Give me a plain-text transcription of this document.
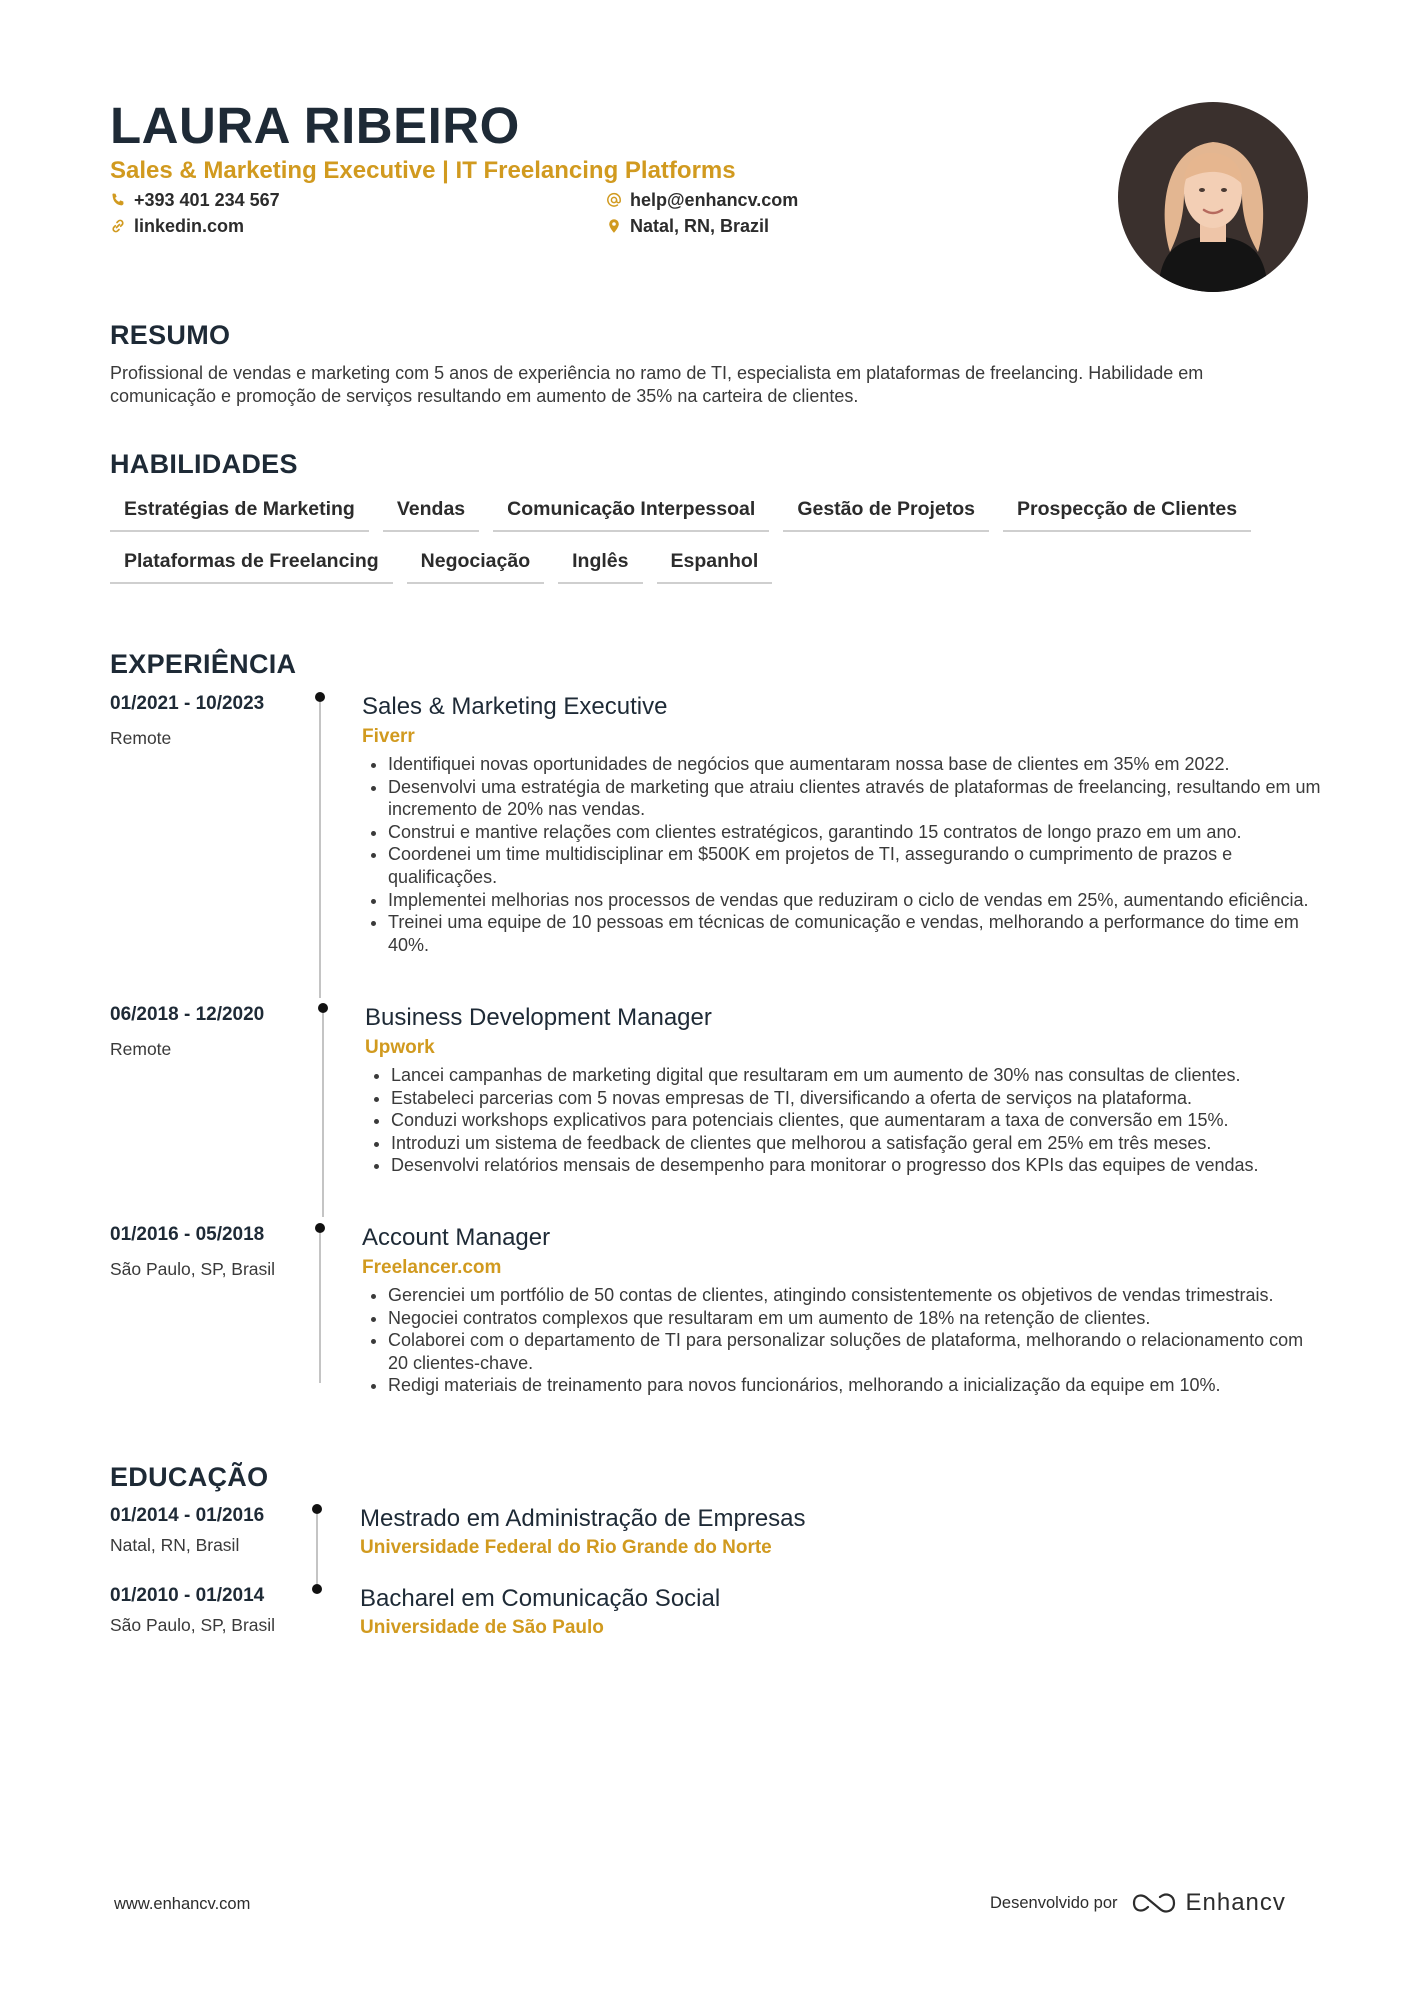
LAURA RIBEIRO
Sales & Marketing Executive | IT Freelancing Platforms
+393 401 234 567
linkedin.com
help@enhancv.com
Natal, RN, Brazil
RESUMO

Profissional de vendas e marketing com 5 anos de experiência no ramo de TI, especialista em plataformas de freelancing. Habilidade em comunicação e promoção de serviços resultando em aumento de 35% na carteira de clientes.

HABILIDADES
Estratégias de Marketing	Vendas	Comunicação Interpessoal	Gestão de Projetos	Prospecção de Clientes
Plataformas de Freelancing	Negociação	Inglês	Espanhol
EXPERIÊNCIA
01/2021 - 10/2023
Remote
Sales & Marketing Executive
Fiverr
• Identifiquei novas oportunidades de negócios que aumentaram nossa base de clientes em 35% em 2022.
• Desenvolvi uma estratégia de marketing que atraiu clientes através de plataformas de freelancing, resultando em um incremento de 20% nas vendas.
• Construi e mantive relações com clientes estratégicos, garantindo 15 contratos de longo prazo em um ano.
• Coordenei um time multidisciplinar em $500K em projetos de TI, assegurando o cumprimento de prazos e qualificações.
• Implementei melhorias nos processos de vendas que reduziram o ciclo de vendas em 25%, aumentando eficiência.
• Treinei uma equipe de 10 pessoas em técnicas de comunicação e vendas, melhorando a performance do time em 40%.
06/2018 - 12/2020
Remote
Business Development Manager
Upwork
• Lancei campanhas de marketing digital que resultaram em um aumento de 30% nas consultas de clientes.
• Estabeleci parcerias com 5 novas empresas de TI, diversificando a oferta de serviços na plataforma.
• Conduzi workshops explicativos para potenciais clientes, que aumentaram a taxa de conversão em 15%.
• Introduzi um sistema de feedback de clientes que melhorou a satisfação geral em 25% em três meses.
• Desenvolvi relatórios mensais de desempenho para monitorar o progresso dos KPIs das equipes de vendas.
01/2016 - 05/2018
São Paulo, SP, Brasil
Account Manager
Freelancer.com
• Gerenciei um portfólio de 50 contas de clientes, atingindo consistentemente os objetivos de vendas trimestrais.
• Negociei contratos complexos que resultaram em um aumento de 18% na retenção de clientes.
• Colaborei com o departamento de TI para personalizar soluções de plataforma, melhorando o relacionamento com 20 clientes-chave.
• Redigi materiais de treinamento para novos funcionários, melhorando a inicialização da equipe em 10%.
EDUCAÇÃO
01/2014 - 01/2016
Natal, RN, Brasil
Mestrado em Administração de Empresas
Universidade Federal do Rio Grande do Norte
01/2010 - 01/2014
São Paulo, SP, Brasil
Bacharel em Comunicação Social
Universidade de São Paulo
www.enhancv.com	Desenvolvido por	Enhancv
